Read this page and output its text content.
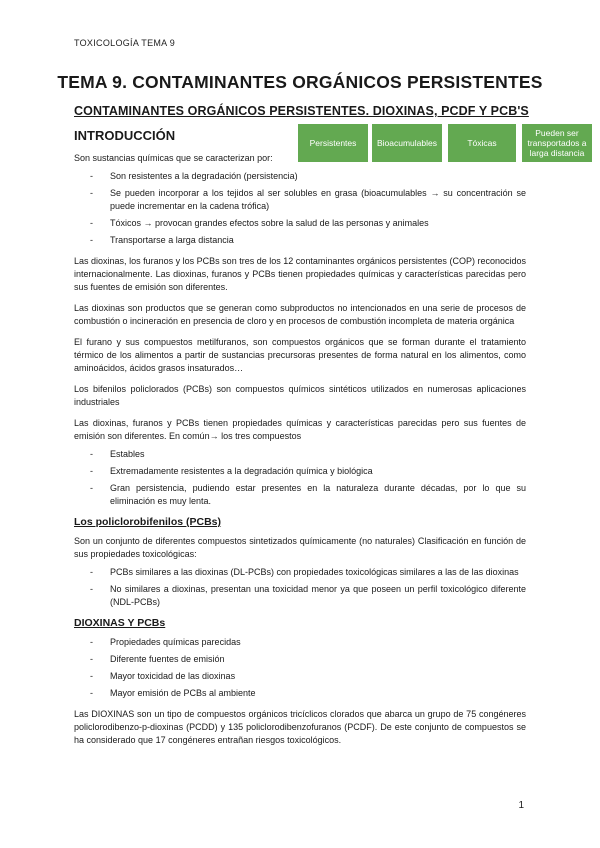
TOXICOLOGÍA TEMA 9
TEMA 9. CONTAMINANTES ORGÁNICOS PERSISTENTES
CONTAMINANTES ORGÁNICOS PERSISTENTES. DIOXINAS, PCDF Y PCB'S
INTRODUCCIÓN	Persistentes	Bioacumulables	Tóxicas
Pueden ser transportados a larga distancia

Son sustancias químicas que se caracterizan por:

- Son resistentes a la degradación (persistencia)
- Se pueden incorporar a los tejidos al ser solubles en grasa (bioacumulables → su concentración se puede incrementar en la cadena trófica)
- Tóxicos → provocan grandes efectos sobre la salud de las personas y animales
- Transportarse a larga distancia

Las dioxinas, los furanos y los PCBs son tres de los 12 contaminantes orgánicos persistentes (COP) reconocidos internacionalmente. Las dioxinas, furanos y PCBs tienen propiedades químicas y características parecidas pero sus fuentes de emisión son diferentes.

Las dioxinas son productos que se generan como subproductos no intencionados en una serie de procesos de combustión o incineración en presencia de cloro y en procesos de combustión incompleta de materia orgánica

El furano y sus compuestos metilfuranos, son compuestos orgánicos que se forman durante el tratamiento térmico de los alimentos a partir de sustancias precursoras presentes de forma natural en los alimentos, como aminoácidos, ácidos grasos insaturados…

Los bifenilos policlorados (PCBs) son compuestos químicos sintéticos utilizados en numerosas aplicaciones industriales

Las dioxinas, furanos y PCBs tienen propiedades químicas y características parecidas pero sus fuentes de emisión son diferentes. En común→ los tres compuestos

- Estables
- Extremadamente resistentes a la degradación química y biológica
- Gran persistencia, pudiendo estar presentes en la naturaleza durante décadas, por lo que su eliminación es muy lenta.
Los policlorobifenilos (PCBs)

Son un conjunto de diferentes compuestos sintetizados químicamente (no naturales) Clasificación en función de sus propiedades toxicológicas:

- PCBs similares a las dioxinas (DL-PCBs) con propiedades toxicológicas similares a las de las dioxinas
- No similares a dioxinas, presentan una toxicidad menor ya que poseen un perfil toxicológico diferente (NDL-PCBs)
DIOXINAS Y PCBs
- Propiedades químicas parecidas
- Diferente fuentes de emisión
- Mayor toxicidad de las dioxinas
- Mayor emisión de PCBs al ambiente

Las DIOXINAS son un tipo de compuestos orgánicos tricíclicos clorados que abarca un grupo de 75 congéneres policlorodibenzo-p-dioxinas (PCDD) y 135 policlorodibenzofuranos (PCDF). De este conjunto de compuestos se ha considerado que 17 congéneres entrañan riesgos toxicológicos.

1
